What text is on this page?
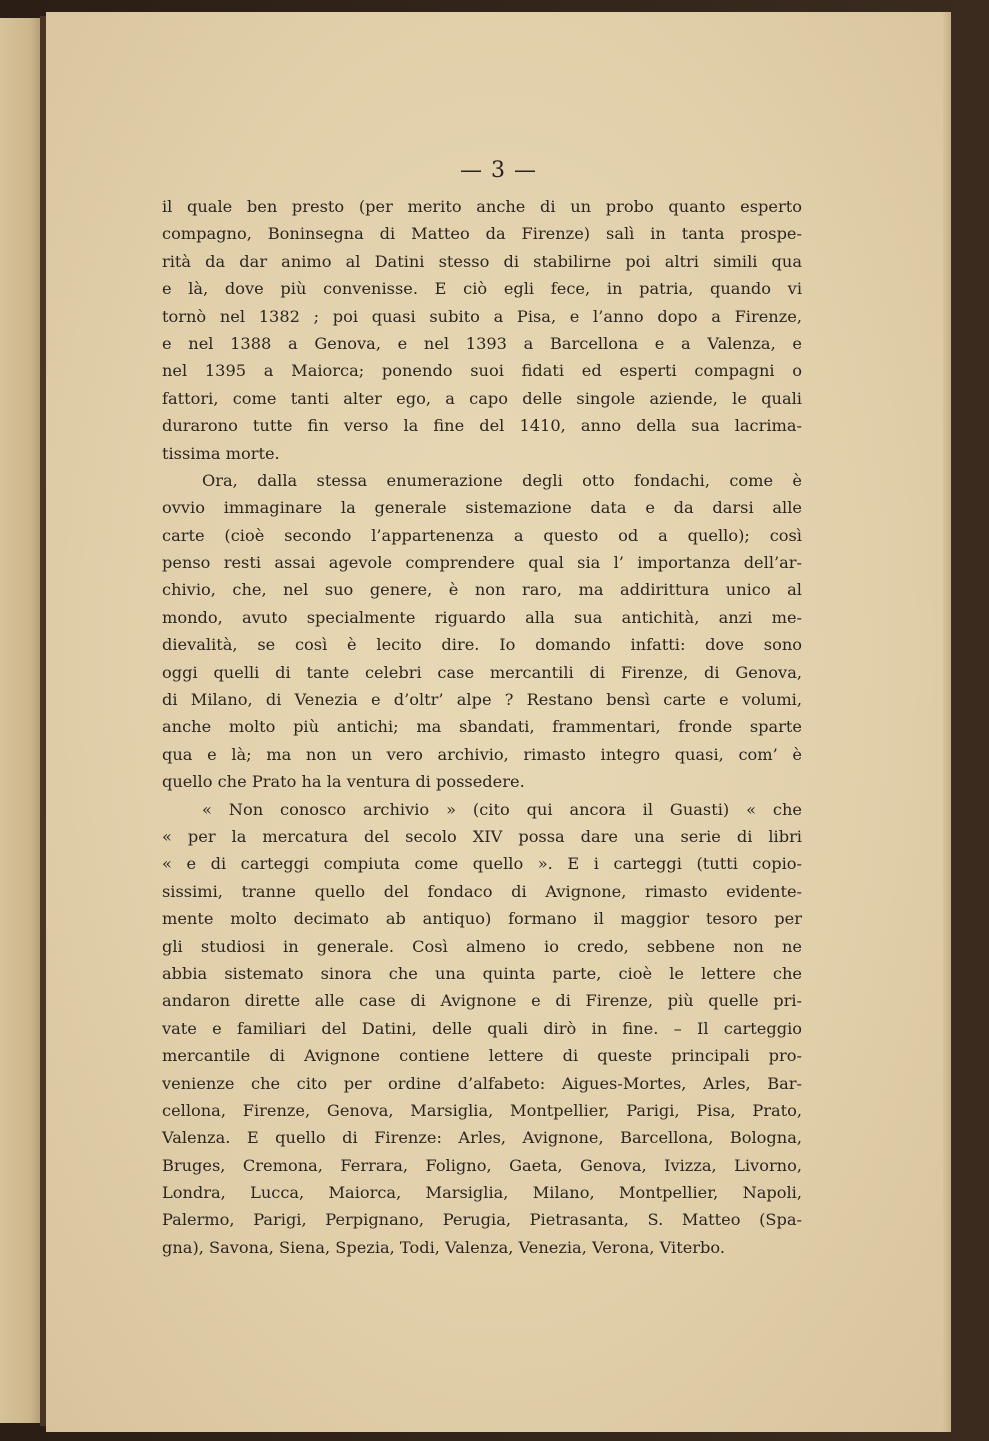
— 3 —
il quale ben presto (per merito anche di un probo quanto esperto
compagno, Boninsegna di Matteo da Firenze) salì in tanta prospe-
rità da dar animo al Datini stesso di stabilirne poi altri simili qua
e là, dove più convenisse. E ciò egli fece, in patria, quando vi
tornò nel 1382 ; poi quasi subito a Pisa, e l’anno dopo a Firenze,
e nel 1388 a Genova, e nel 1393 a Barcellona e a Valenza, e
nel 1395 a Maiorca; ponendo suoi fidati ed esperti compagni o
fattori, come tanti alter ego, a capo delle singole aziende, le quali
durarono tutte fin verso la fine del 1410, anno della sua lacrima-
tissima morte.
Ora, dalla stessa enumerazione degli otto fondachi, come è
ovvio immaginare la generale sistemazione data e da darsi alle
carte (cioè secondo l’appartenenza a questo od a quello); così
penso resti assai agevole comprendere qual sia l’ importanza dell’ar-
chivio, che, nel suo genere, è non raro, ma addirittura unico al
mondo, avuto specialmente riguardo alla sua antichità, anzi me-
dievalità, se così è lecito dire. Io domando infatti: dove sono
oggi quelli di tante celebri case mercantili di Firenze, di Genova,
di Milano, di Venezia e d’oltr’ alpe ? Restano bensì carte e volumi,
anche molto più antichi; ma sbandati, frammentari, fronde sparte
qua e là; ma non un vero archivio, rimasto integro quasi, com’ è
quello che Prato ha la ventura di possedere.
« Non conosco archivio » (cito qui ancora il Guasti) « che
« per la mercatura del secolo XIV possa dare una serie di libri
« e di carteggi compiuta come quello ». E i carteggi (tutti copio-
sissimi, tranne quello del fondaco di Avignone, rimasto evidente-
mente molto decimato ab antiquo) formano il maggior tesoro per
gli studiosi in generale. Così almeno io credo, sebbene non ne
abbia sistemato sinora che una quinta parte, cioè le lettere che
andaron dirette alle case di Avignone e di Firenze, più quelle pri-
vate e familiari del Datini, delle quali dirò in fine. – Il carteggio
mercantile di Avignone contiene lettere di queste principali pro-
venienze che cito per ordine d’alfabeto: Aigues-Mortes, Arles, Bar-
cellona, Firenze, Genova, Marsiglia, Montpellier, Parigi, Pisa, Prato,
Valenza. E quello di Firenze: Arles, Avignone, Barcellona, Bologna,
Bruges, Cremona, Ferrara, Foligno, Gaeta, Genova, Ivizza, Livorno,
Londra, Lucca, Maiorca, Marsiglia, Milano, Montpellier, Napoli,
Palermo, Parigi, Perpignano, Perugia, Pietrasanta, S. Matteo (Spa-
gna), Savona, Siena, Spezia, Todi, Valenza, Venezia, Verona, Viterbo.
